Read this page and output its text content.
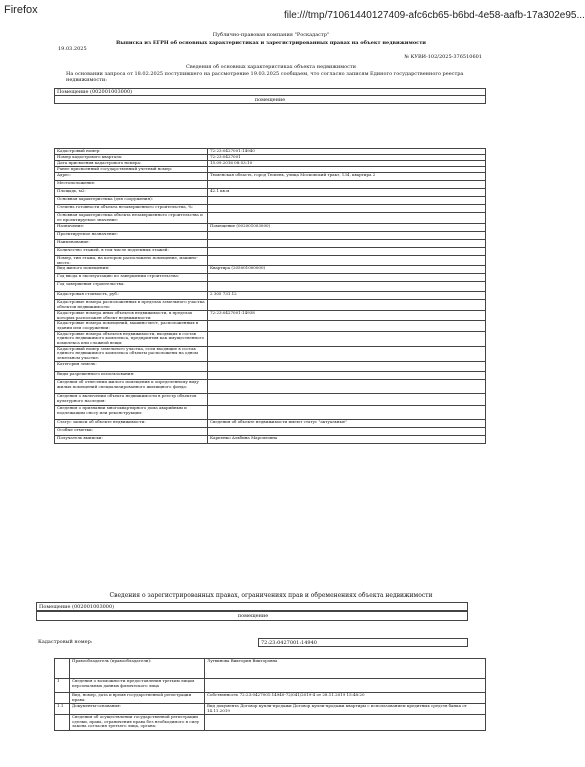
Firefox	file:///tmp/71061440127409-afc6cb65-b6bd-4e58-aafb-17a302e95...
Публично-правовая компания "Роскадастр"
Выписка из ЕГРН об основных характеристиках и зарегистрированных правах на объект недвижимости
19.03.2025
№ КУВИ-102/2025-376510601
Сведения об основных характеристиках объекта недвижимости
На основании запроса от 18.02.2025 поступившего на рассмотрение 19.03.2025 сообщаем, что согласно записям Единого государственного реестра недвижимости:
Помещение (002001003000)
помещение
Кадастровый номер:	72:23:0427001:14940
Номер кадастрового квартала:	72:23:0427001
Дата присвоения кадастрового номера:	15.09.2016 08:53:10
Ранее присвоенный государственный учетный номер:	
Адрес:	Тюменская область, город Тюмень, улица Московский тракт, 134, квартира 2
Местоположение:	
Площадь, м2:	42.1 кв.м
Основная характеристика (для сооружения):	
Степень готовности объекта незавершенного строительства, %:	
Основная характеристика объекта незавершенного строительства и ее проектируемое значение:	
Назначение:	Помещение (002001003000)
Проектируемое назначение:	
Наименование:	
Количество этажей, в том числе подземных этажей:	
Номер, тип этажа, на котором расположено помещение, машино-место:	
Вид жилого помещения:	Квартира (205001000000)
Год ввода в эксплуатацию по завершении строительства:	
Год завершения строительства:	
Кадастровая стоимость, руб.:	2 305 731.12
Кадастровые номера расположенных в пределах земельного участка объектов недвижимости:	
Кадастровые номера иных объектов недвижимости, в пределах которых расположен объект недвижимости:	72:23:0427001:14938
Кадастровые номера помещений, машино-мест, расположенных в здании или сооружении:	
Кадастровые номера объектов недвижимости, входящих в состав единого недвижимого комплекса, предприятия как имущественного комплекса или сложной вещи:	
Кадастровый номер земельного участка, если входящие в состав единого недвижимого комплекса объекты расположены на одном земельном участке:	
Категория земель:	
Виды разрешенного использования:	
Сведения об отнесении жилого помещения к определенному виду жилых помещений специализированного жилищного фонда:	
Сведения о включении объекта недвижимости в реестр объектов культурного наследия:	
Сведения о признании многоквартирного дома аварийным и подлежащим сносу или реконструкции:	
Статус записи об объекте недвижимости:	Сведения об объекте недвижимости имеют статус "актуальные"
Особые отметки:	
Получатель выписки:	Карпенко Альбина Марсиловна
Сведения о зарегистрированных правах, ограничениях прав и обременениях объекта недвижимости
Помещение (002001003000)
помещение
Кадастровый номер:	72:23:0427001:14940
	Правообладатель (правообладатели):	Лугвинова Виктория Викторовна
1	Сведения о возможности предоставления третьим лицам персональных данных физического лица	
	Вид, номер, дата и время государственной регистрации права:	Собственность 72:23:0427001:14940-72/041/2019-4 от 28.11.2019 15:48:20
1.1	Документы-основания:	Вид документа Договор купли-продажи Договор купли-продажи квартиры с использованием кредитных средств банка от 14.11.2019
	Сведения об осуществлении государственной регистрации сделки, права, ограничения права без необходимого в силу закона согласия третьего лица, органа:	
